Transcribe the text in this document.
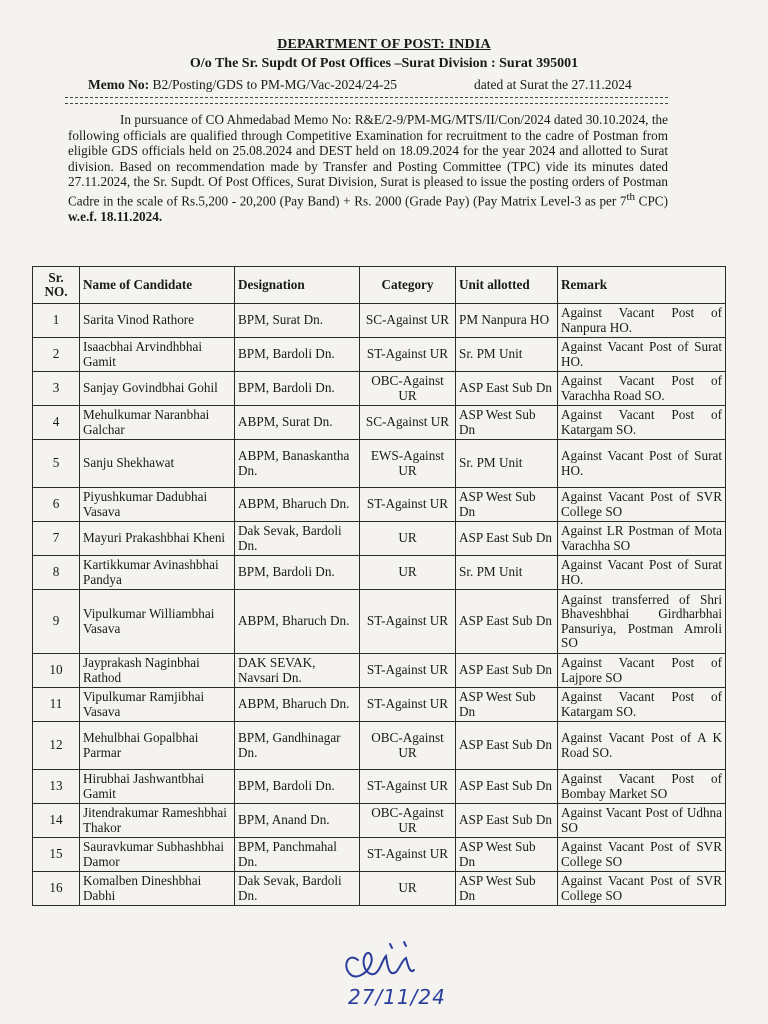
DEPARTMENT OF POST: INDIA
O/o The Sr. Supdt Of Post Offices –Surat Division : Surat 395001
Memo No: B2/Posting/GDS to PM-MG/Vac-2024/24-25	dated at Surat the 27.11.2024
In pursuance of CO Ahmedabad Memo No: R&E/2-9/PM-MG/MTS/II/Con/2024 dated 30.10.2024, the following officials are qualified through Competitive Examination for recruitment to the cadre of Postman from eligible GDS officials held on 25.08.2024 and DEST held on 18.09.2024 for the year 2024 and allotted to Surat division. Based on recommendation made by Transfer and Posting Committee (TPC) vide its minutes dated 27.11.2024, the Sr. Supdt. Of Post Offices, Surat Division, Surat is pleased to issue the posting orders of Postman Cadre in the scale of Rs.5,200 - 20,200 (Pay Band) + Rs. 2000 (Grade Pay) (Pay Matrix Level-3 as per 7th CPC) w.e.f. 18.11.2024.
Sr. NO.	Name of Candidate	Designation	Category	Unit allotted	Remark
1	Sarita Vinod Rathore	BPM, Surat Dn.	SC-Against UR	PM Nanpura HO	Against Vacant Post of Nanpura HO.
2	Isaacbhai Arvindhbhai Gamit	BPM, Bardoli Dn.	ST-Against UR	Sr. PM Unit	Against Vacant Post of Surat HO.
3	Sanjay Govindbhai Gohil	BPM, Bardoli Dn.	OBC-Against UR	ASP East Sub Dn	Against Vacant Post of Varachha Road SO.
4	Mehulkumar Naranbhai Galchar	ABPM, Surat Dn.	SC-Against UR	ASP West Sub Dn	Against Vacant Post of Katargam SO.
5	Sanju Shekhawat	ABPM, Banaskantha Dn.	EWS-Against UR	Sr. PM Unit	Against Vacant Post of Surat HO.
6	Piyushkumar Dadubhai Vasava	ABPM, Bharuch Dn.	ST-Against UR	ASP West Sub Dn	Against Vacant Post of SVR College SO
7	Mayuri Prakashbhai Kheni	Dak Sevak, Bardoli Dn.	UR	ASP East Sub Dn	Against LR Postman of Mota Varachha SO
8	Kartikkumar Avinashbhai Pandya	BPM, Bardoli Dn.	UR	Sr. PM Unit	Against Vacant Post of Surat HO.
9	Vipulkumar Williambhai Vasava	ABPM, Bharuch Dn.	ST-Against UR	ASP East Sub Dn	Against transferred of Shri Bhaveshbhai Girdharbhai Pansuriya, Postman Amroli SO
10	Jayprakash Naginbhai Rathod	DAK SEVAK, Navsari Dn.	ST-Against UR	ASP East Sub Dn	Against Vacant Post of Lajpore SO
11	Vipulkumar Ramjibhai Vasava	ABPM, Bharuch Dn.	ST-Against UR	ASP West Sub Dn	Against Vacant Post of Katargam SO.
12	Mehulbhai Gopalbhai Parmar	BPM, Gandhinagar Dn.	OBC-Against UR	ASP East Sub Dn	Against Vacant Post of A K Road SO.
13	Hirubhai Jashwantbhai Gamit	BPM, Bardoli Dn.	ST-Against UR	ASP East Sub Dn	Against Vacant Post of Bombay Market SO
14	Jitendrakumar Rameshbhai Thakor	BPM, Anand Dn.	OBC-Against UR	ASP East Sub Dn	Against Vacant Post of Udhna SO
15	Sauravkumar Subhashbhai Damor	BPM, Panchmahal Dn.	ST-Against UR	ASP West Sub Dn	Against Vacant Post of SVR College SO
16	Komalben Dineshbhai Dabhi	Dak Sevak, Bardoli Dn.	UR	ASP West Sub Dn	Against Vacant Post of SVR College SO
27/11/24
